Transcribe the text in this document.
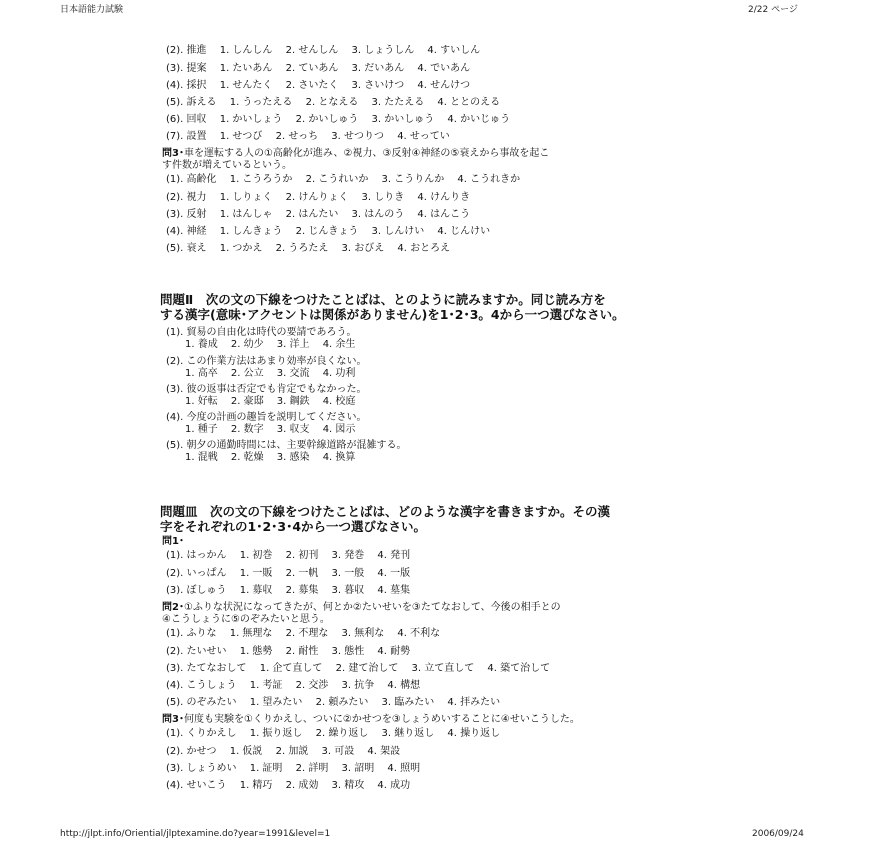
日本語能力試験	2/22 ページ
(2). 推進　 1. しんしん　 2. せんしん　 3. しょうしん　 4. すいしん
(3). 提案　 1. たいあん　 2. ていあん　 3. だいあん　 4. でいあん
(4). 採択　 1. せんたく　 2. さいたく　 3. さいけつ　 4. せんけつ
(5). 訴える　 1. うったえる　 2. となえる　 3. たたえる　 4. ととのえる
(6). 回収　 1. かいしょう　 2. かいしゅう　 3. かいしゅう　 4. かいじゅう
(7). 設置　 1. せつび　 2. せっち　 3. せつりつ　 4. せってい
問3･車を運転する人の①高齢化が進み、②視力、③反射④神経の⑤衰えから事故を起こ
す件数が増えているという。
(1). 高齢化　 1. こうろうか　 2. こうれいか　 3. こうりんか　 4. こうれきか
(2). 視力　 1. しりょく　 2. けんりょく　 3. しりき　 4. けんりき
(3). 反射　 1. はんしゃ　 2. はんたい　 3. はんのう　 4. はんこう
(4). 神経　 1. しんきょう　 2. じんきょう　 3. しんけい　 4. じんけい
(5). 衰え　 1. つかえ　 2. うろたえ　 3. おびえ　 4. おとろえ
問題Ⅱ　次の文の下線をつけたことばは、とのように読みますか。同じ読み方を
する漢字(意味･アクセントは関係がありません)を1･2･3。4から一つ選びなさい。
(1). 貿易の自由化は時代の要請であろう。
1. 養成　 2. 幼少　 3. 洋上　 4. 余生
(2). この作業方法はあまり効率が良くない。
1. 高卒　 2. 公立　 3. 交流　 4. 功利
(3). 彼の返事は否定でも肯定でもなかった。
1. 好転　 2. 豪邸　 3. 鋼鉄　 4. 校庭
(4). 今度の計画の趣旨を説明してください。
1. 種子　 2. 数字　 3. 収支　 4. 図示
(5). 朝夕の通勤時間には、主要幹線道路が混雑する。
1. 混戦　 2. 乾燥　 3. 感染　 4. 換算
問題皿　次の文の下線をつけたことばは、どのような漢字を書きますか。その漢
字をそれぞれの1･2･3･4から一つ選びなさい。
問1･
(1). はっかん　 1. 初巻　 2. 初刊　 3. 発巻　 4. 発刊
(2). いっぱん　 1. 一販　 2. 一帆　 3. 一般　 4. 一版
(3). ぼしゅう　 1. 募収　 2. 募集　 3. 暮収　 4. 墓集
問2･①ふりな状況になってきたが、何とか②たいせいを③たてなおして、今後の相手との
④こうしょうに⑤のぞみたいと思う。
(1). ふりな　 1. 無理な　 2. 不理な　 3. 無利な　 4. 不利な
(2). たいせい　 1. 態勢　 2. 耐性　 3. 態性　 4. 耐勢
(3). たてなおして　 1. 企て直して　 2. 建て治して　 3. 立て直して　 4. 築て治して
(4). こうしょう　 1. 考証　 2. 交渉　 3. 抗争　 4. 構想
(5). のぞみたい　 1. 望みたい　 2. 頼みたい　 3. 臨みたい　 4. 拝みたい
問3･何度も実験を①くりかえし、ついに②かせつを③しょうめいすることに④せいこうした。
(1). くりかえし　 1. 振り返し　 2. 繰り返し　 3. 継り返し　 4. 操り返し
(2). かせつ　 1. 仮説　 2. 加説　 3. 可設　 4. 架設
(3). しょうめい　 1. 証明　 2. 詳明　 3. 詔明　 4. 照明
(4). せいこう　 1. 精巧　 2. 成効　 3. 精攻　 4. 成功
http://jlpt.info/Oriential/jlptexamine.do?year=1991&level=1	2006/09/24
